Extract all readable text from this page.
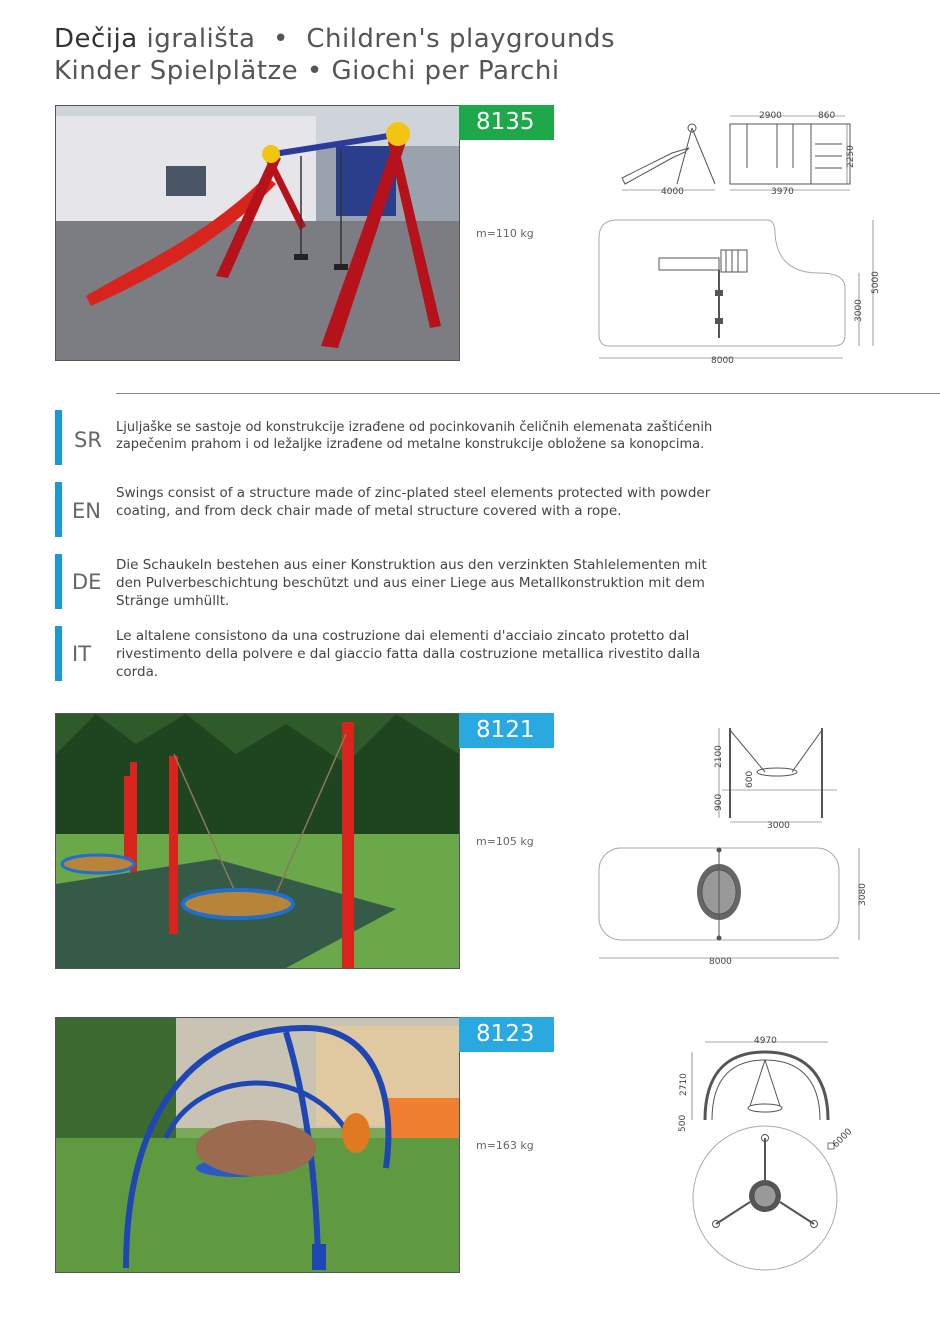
Dečija igrališta  •  Children's playgrounds
Kinder Spielplätze • Giochi per Parchi
8135
m=110 kg
4000
2900	860
2250
3970
8000
5000
3000
SR
Ljuljaške se sastoje od konstrukcije izrađene od pocinkovanih čeličnih elemenata zaštićenih zapečenim prahom i od ležaljke izrađene od metalne konstrukcije obložene sa konopcima.
EN
Swings consist of a structure made of zinc-plated steel elements protected with powder coating, and from deck chair made of metal structure covered with a rope.
DE
Die Schaukeln bestehen aus einer Konstruktion aus den verzinkten Stahlelementen mit den Pulverbeschichtung beschützt und aus einer Liege aus Metallkonstruktion mit dem Stränge umhüllt.
IT
Le altalene consistono da una costruzione dai elementi d'acciaio zincato protetto dal rivestimento della polvere e dal giaccio fatta dalla costruzione metallica rivestito dalla corda.
8121
m=105 kg
2100
600
900
3000
8000
3080
8123
m=163 kg
4970
2710
500
6000
